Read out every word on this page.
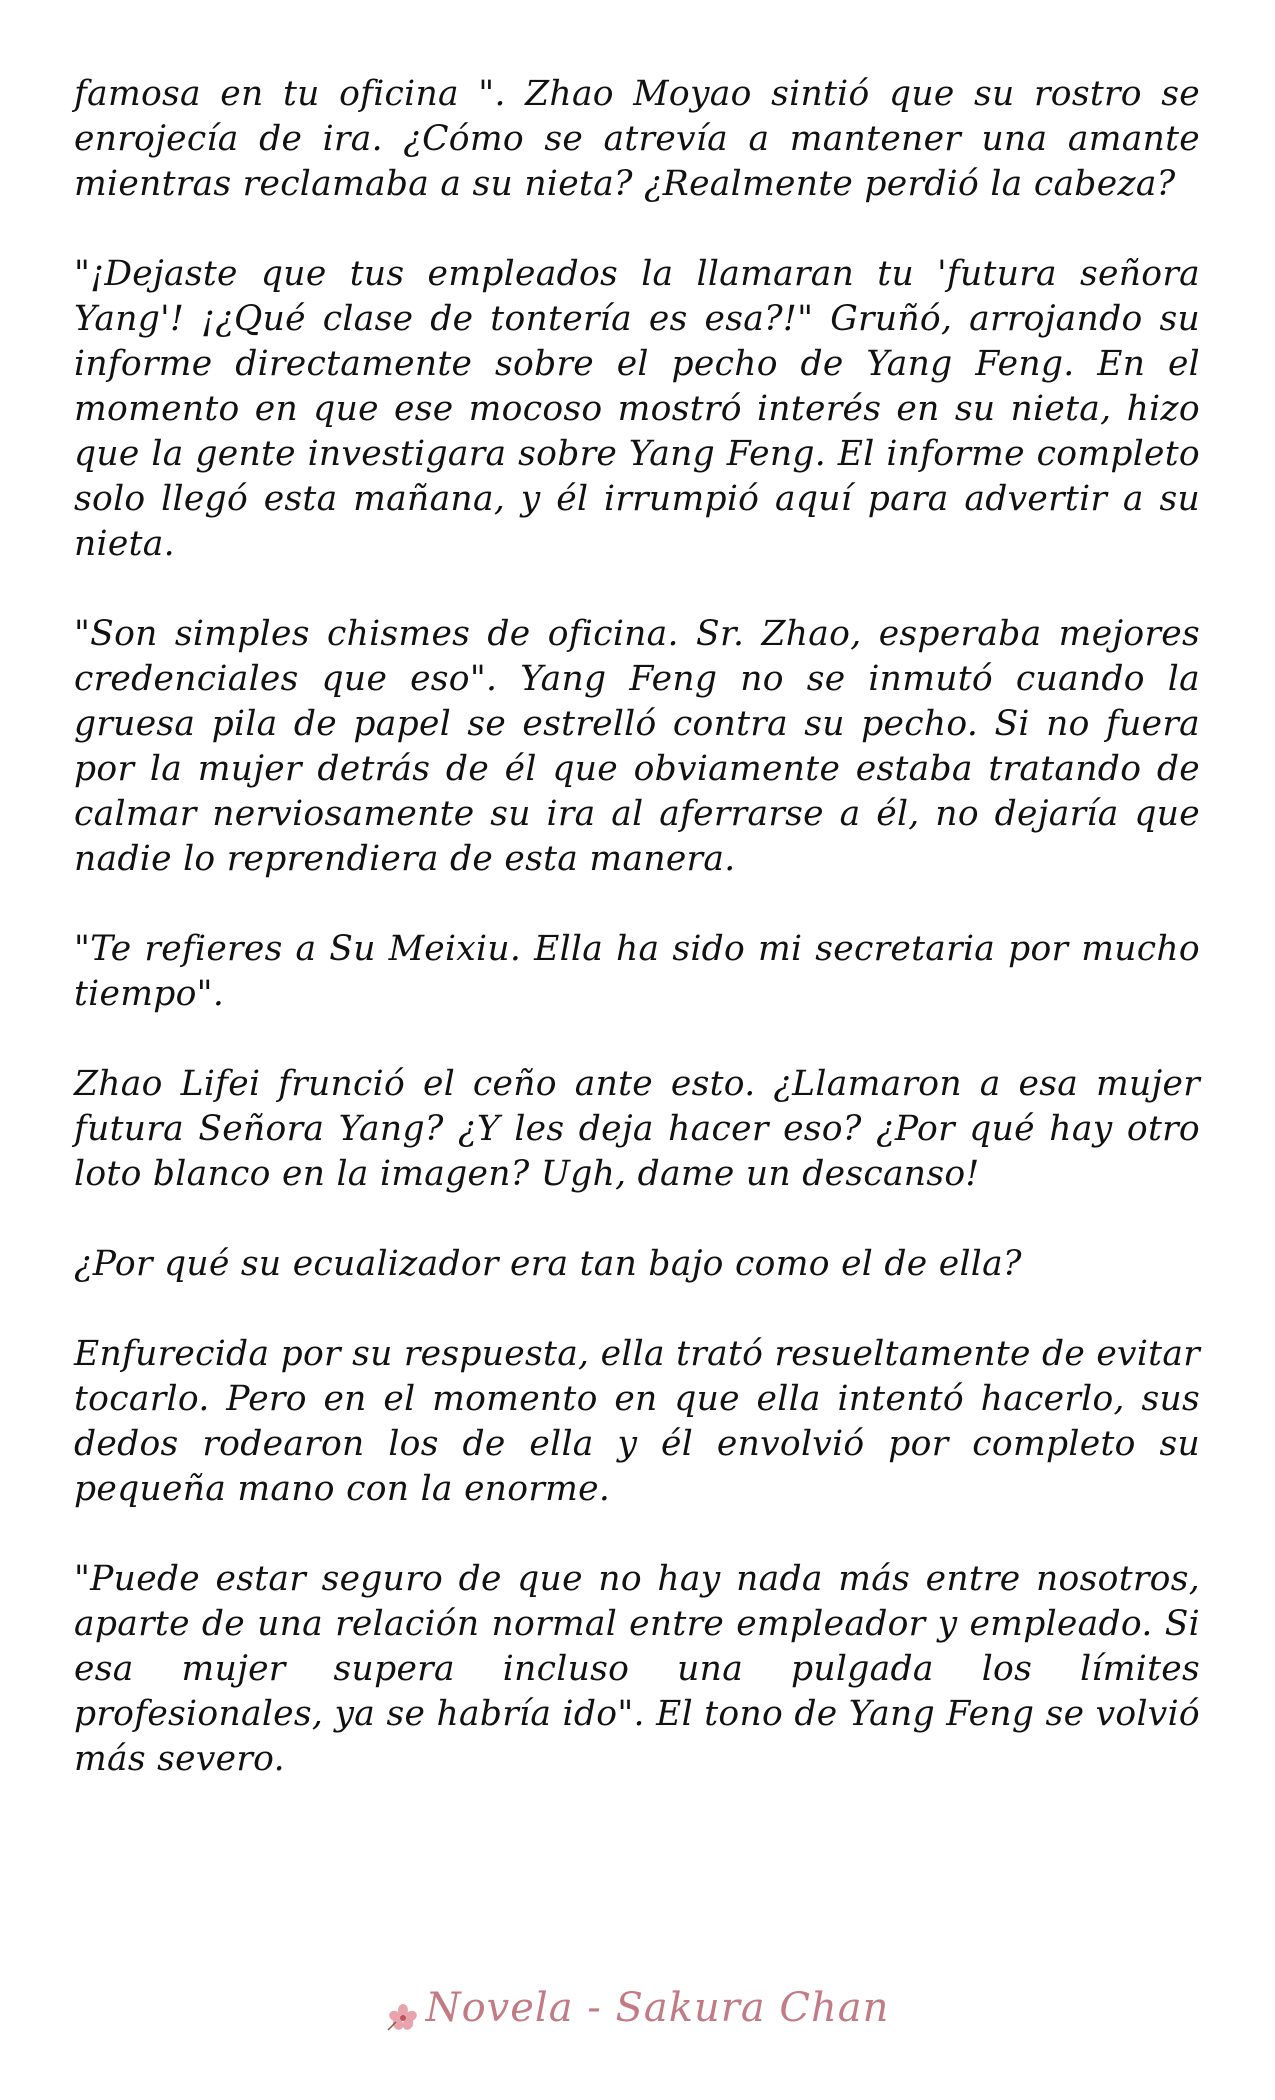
famosa en tu oficina ". Zhao Moyao sintió que su rostro se enrojecía de ira. ¿Cómo se atrevía a mantener una amante mientras reclamaba a su nieta? ¿Realmente perdió la cabeza?

"¡Dejaste que tus empleados la llamaran tu 'futura señora Yang'! ¡¿Qué clase de tontería es esa?!" Gruñó, arrojando su informe directamente sobre el pecho de Yang Feng. En el momento en que ese mocoso mostró interés en su nieta, hizo que la gente investigara sobre Yang Feng. El informe completo solo llegó esta mañana, y él irrumpió aquí para advertir a su nieta.

"Son simples chismes de oficina. Sr. Zhao, esperaba mejores credenciales que eso". Yang Feng no se inmutó cuando la gruesa pila de papel se estrelló contra su pecho. Si no fuera por la mujer detrás de él que obviamente estaba tratando de calmar nerviosamente su ira al aferrarse a él, no dejaría que nadie lo reprendiera de esta manera.

"Te refieres a Su Meixiu. Ella ha sido mi secretaria por mucho tiempo".

Zhao Lifei frunció el ceño ante esto. ¿Llamaron a esa mujer futura Señora Yang? ¿Y les deja hacer eso? ¿Por qué hay otro loto blanco en la imagen? Ugh, dame un descanso!

¿Por qué su ecualizador era tan bajo como el de ella?

Enfurecida por su respuesta, ella trató resueltamente de evitar tocarlo. Pero en el momento en que ella intentó hacerlo, sus dedos rodearon los de ella y él envolvió por completo su pequeña mano con la enorme.

"Puede estar seguro de que no hay nada más entre nosotros, aparte de una relación normal entre empleador y empleado. Si esa mujer supera incluso una pulgada los límites profesionales, ya se habría ido". El tono de Yang Feng se volvió más severo.

Novela - Sakura Chan
